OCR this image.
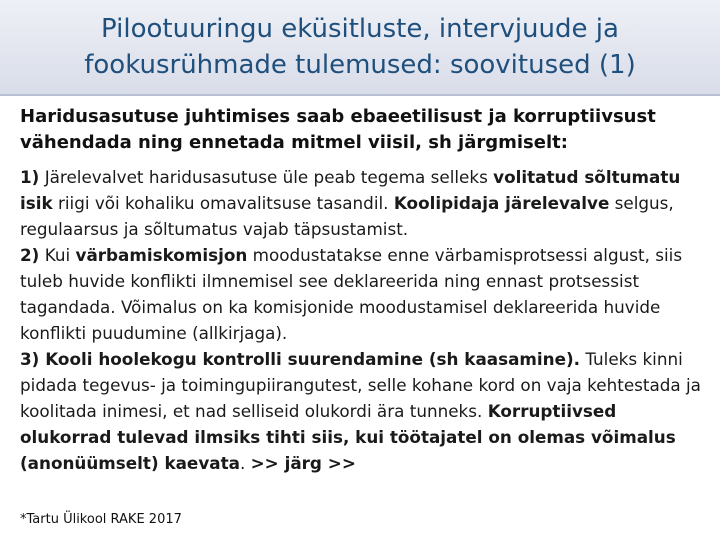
Pilootuuringu eküsitluste, intervjuude ja
fookusrühmade tulemused: soovitused (1)

Haridusasutuse juhtimises saab ebaeetilisust ja korruptiivsust
vähendada ning ennetada mitmel viisil, sh järgmiselt:

1) Järelevalvet haridusasutuse üle peab tegema selleks volitatud sõltumatu isik riigi või kohaliku omavalitsuse tasandil. Koolipidaja järelevalve selgus, regulaarsus ja sõltumatus vajab täpsustamist.

2) Kui värbamiskomisjon moodustatakse enne värbamisprotsessi algust, siis tuleb huvide konflikti ilmnemisel see deklareerida ning ennast protsessist tagandada. Võimalus on ka komisjonide moodustamisel deklareerida huvide konflikti puudumine (allkirjaga).

3) Kooli hoolekogu kontrolli suurendamine (sh kaasamine). Tuleks kinni pidada tegevus- ja toimingupiirangutest, selle kohane kord on vaja kehtestada ja koolitada inimesi, et nad selliseid olukordi ära tunneks. Korruptiivsed olukorrad tulevad ilmsiks tihti siis, kui töötajatel on olemas võimalus (anonüümselt) kaevata. >> järg >>

*Tartu Ülikool RAKE 2017
